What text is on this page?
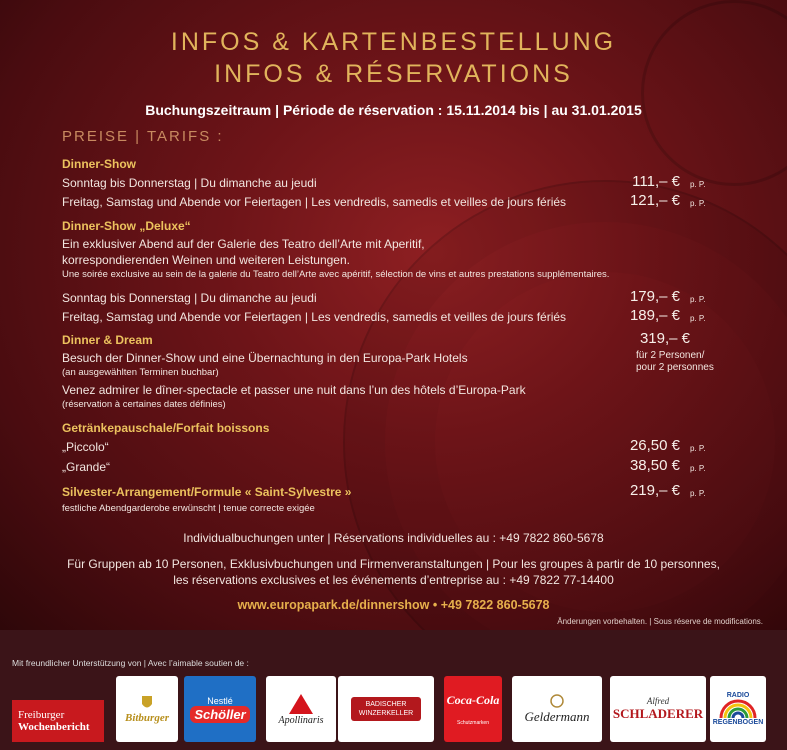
INFOS & KARTENBESTELLUNG
INFOS & RÉSERVATIONS
Buchungszeitraum | Période de réservation : 15.11.2014 bis | au 31.01.2015
PREISE | TARIFS :
Dinner-Show
Sonntag bis Donnerstag | Du dimanche au jeudi	111,– € p. P.
Freitag, Samstag und Abende vor Feiertagen | Les vendredis, samedis et veilles de jours fériés	121,– € p. P.
Dinner-Show „Deluxe“
Ein exklusiver Abend auf der Galerie des Teatro dell’Arte mit Aperitif,
korrespondierenden Weinen und weiteren Leistungen.
Une soirée exclusive au sein de la galerie du Teatro dell’Arte avec apéritif, sélection de vins et autres prestations supplémentaires.
Sonntag bis Donnerstag | Du dimanche au jeudi	179,– € p. P.
Freitag, Samstag und Abende vor Feiertagen | Les vendredis, samedis et veilles de jours fériés	189,– € p. P.
Dinner & Dream	319,– €
für 2 Personen/
pour 2 personnes
Besuch der Dinner-Show und eine Übernachtung in den Europa-Park Hotels
(an ausgewählten Terminen buchbar)
Venez admirer le dîner-spectacle et passer une nuit dans l’un des hôtels d’Europa-Park
(réservation à certaines dates définies)
Getränkepauschale/Forfait boissons
„Piccolo“	26,50 € p. P.
„Grande“	38,50 € p. P.
Silvester-Arrangement/Formule « Saint-Sylvestre »	219,– € p. P.
festliche Abendgarderobe erwünscht | tenue correcte exigée
Individualbuchungen unter | Réservations individuelles au : +49 7822 860-5678
Für Gruppen ab 10 Personen, Exklusivbuchungen und Firmenveranstaltungen | Pour les groupes à partir de 10 personnes,
les réservations exclusives et les événements d’entreprise au : +49 7822 77-14400
www.europapark.de/dinnershow • +49 7822 860-5678
Änderungen vorbehalten. | Sous réserve de modifications.
Mit freundlicher Unterstützung von | Avec l’aimable soutien de :
Freiburger
Wochenbericht
Bitburger
Nestlé
Schöller	Apollinaris
BADISCHER
WINZERKELLER
Coca-Cola
Schutzmarken	Geldermann
Alfred
SCHLADERER
RADIO
REGENBOGEN
